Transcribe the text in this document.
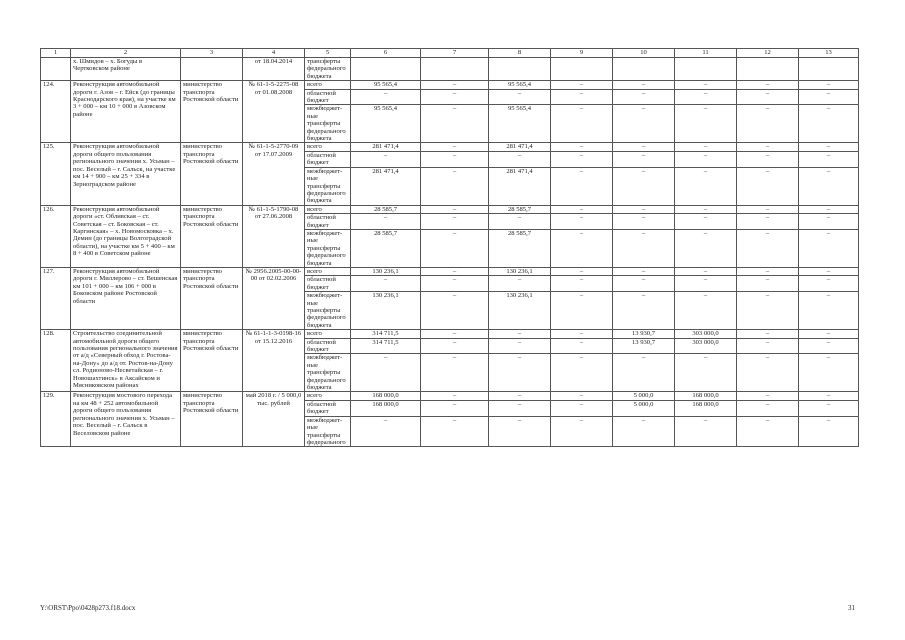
1	2	3	4	5	6	7	8	9	10	11	12	13
	х. Шмидов – х. Богуды в Чертковском районе		от 18.04.2014	трансферты федерального бюджета								
124.	Реконструкция автомобильной дороги г. Азов – г. Ейск (до границы Краснодарского края), на участке км 3 + 000 – км 10 + 000 в Азовском районе	министерство транспорта Ростовской области	№ 61-1-5-2275-08 от 01.08.2008	всего	95 565,4	–	95 565,4	–	–	–	–	–
				областной бюджет	–	–	–	–	–	–	–	–
				межбюджет-ные трансферты федерального бюджета	95 565,4	–	95 565,4	–	–	–	–	–
125.	Реконструкция автомобильной дороги общего пользования регионального значения х. Усьман – пос. Веселый – г. Сальск, на участке км 14 + 900 – км 25 + 334 в Зерноградском районе	министерство транспорта Ростовской области	№ 61-1-5-2770-09 от 17.07.2009	всего	281 471,4	–	281 471,4	–	–	–	–	–
				областной бюджет	–	–	–	–	–	–	–	–
				межбюджет-ные трансферты федерального бюджета	281 471,4	–	281 471,4	–	–	–	–	–
126.	Реконструкция автомобильной дороги «ст. Обливская – ст. Советская – ст. Боковская – ст. Каргинская» – х. Новомосковка – х. Демин (до границы Волгоградской области), на участке км 5 + 400 – км 8 + 400 в Советском районе	министерство транспорта Ростовской области	№ 61-1-5-1790-08 от 27.06.2008	всего	28 585,7	–	28 585,7	–	–	–	–	–
				областной бюджет	–	–	–	–	–	–	–	–
				межбюджет-ные трансферты федерального бюджета	28 585,7	–	28 585,7	–	–	–	–	–
127.	Реконструкция автомобильной дороги г. Миллерово – ст. Вешенская км 101 + 000 – км 106 + 000 в Боковском районе Ростовской области	министерство транспорта Ростовской области	№ 2956.2005-00-00-00 от 02.02.2006	всего	130 236,1	–	130 236,1	–	–	–	–	–
				областной бюджет	–	–	–	–	–	–	–	–
				межбюджет-ные трансферты федерального бюджета	130 236,1	–	130 236,1	–	–	–	–	–
128.	Строительство соединительной автомобильной дороги общего пользования регионального значения от а/д «Северный обход г. Ростова-на-Дону» до а/д от. Ростов-на-Дону сл. Родионово-Несветайская – г. Новошахтинск» в Аксайском и Мясниковском районах	министерство транспорта Ростовской области	№ 61-1-1-3-0198-16 от 15.12.2016	всего	314 711,5	–	–	–	13 930,7	303 000,0	–	–
				областной бюджет	314 711,5	–	–	–	13 930,7	303 000,0	–	–
				межбюджет-ные трансферты федерального бюджета	–	–	–	–	–	–	–	–
129.	Реконструкция мостового перехода на км 48 + 252 автомобильной дороги общего пользования регионального значения х. Усьман – пос. Веселый – г. Сальск в Веселовском районе	министерство транспорта Ростовской области	май 2018 г. / 5 000,0 тыс. рублей	всего	168 000,0	–	–	–	5 000,0	168 000,0	–	–
				областной бюджет	168 000,0	–	–	–	5 000,0	168 000,0	–	–
				межбюджет-ные трансферты федерального	–	–	–	–	–	–	–	–
Y:\ORST\Ppo\0428p273.f18.docx	31
